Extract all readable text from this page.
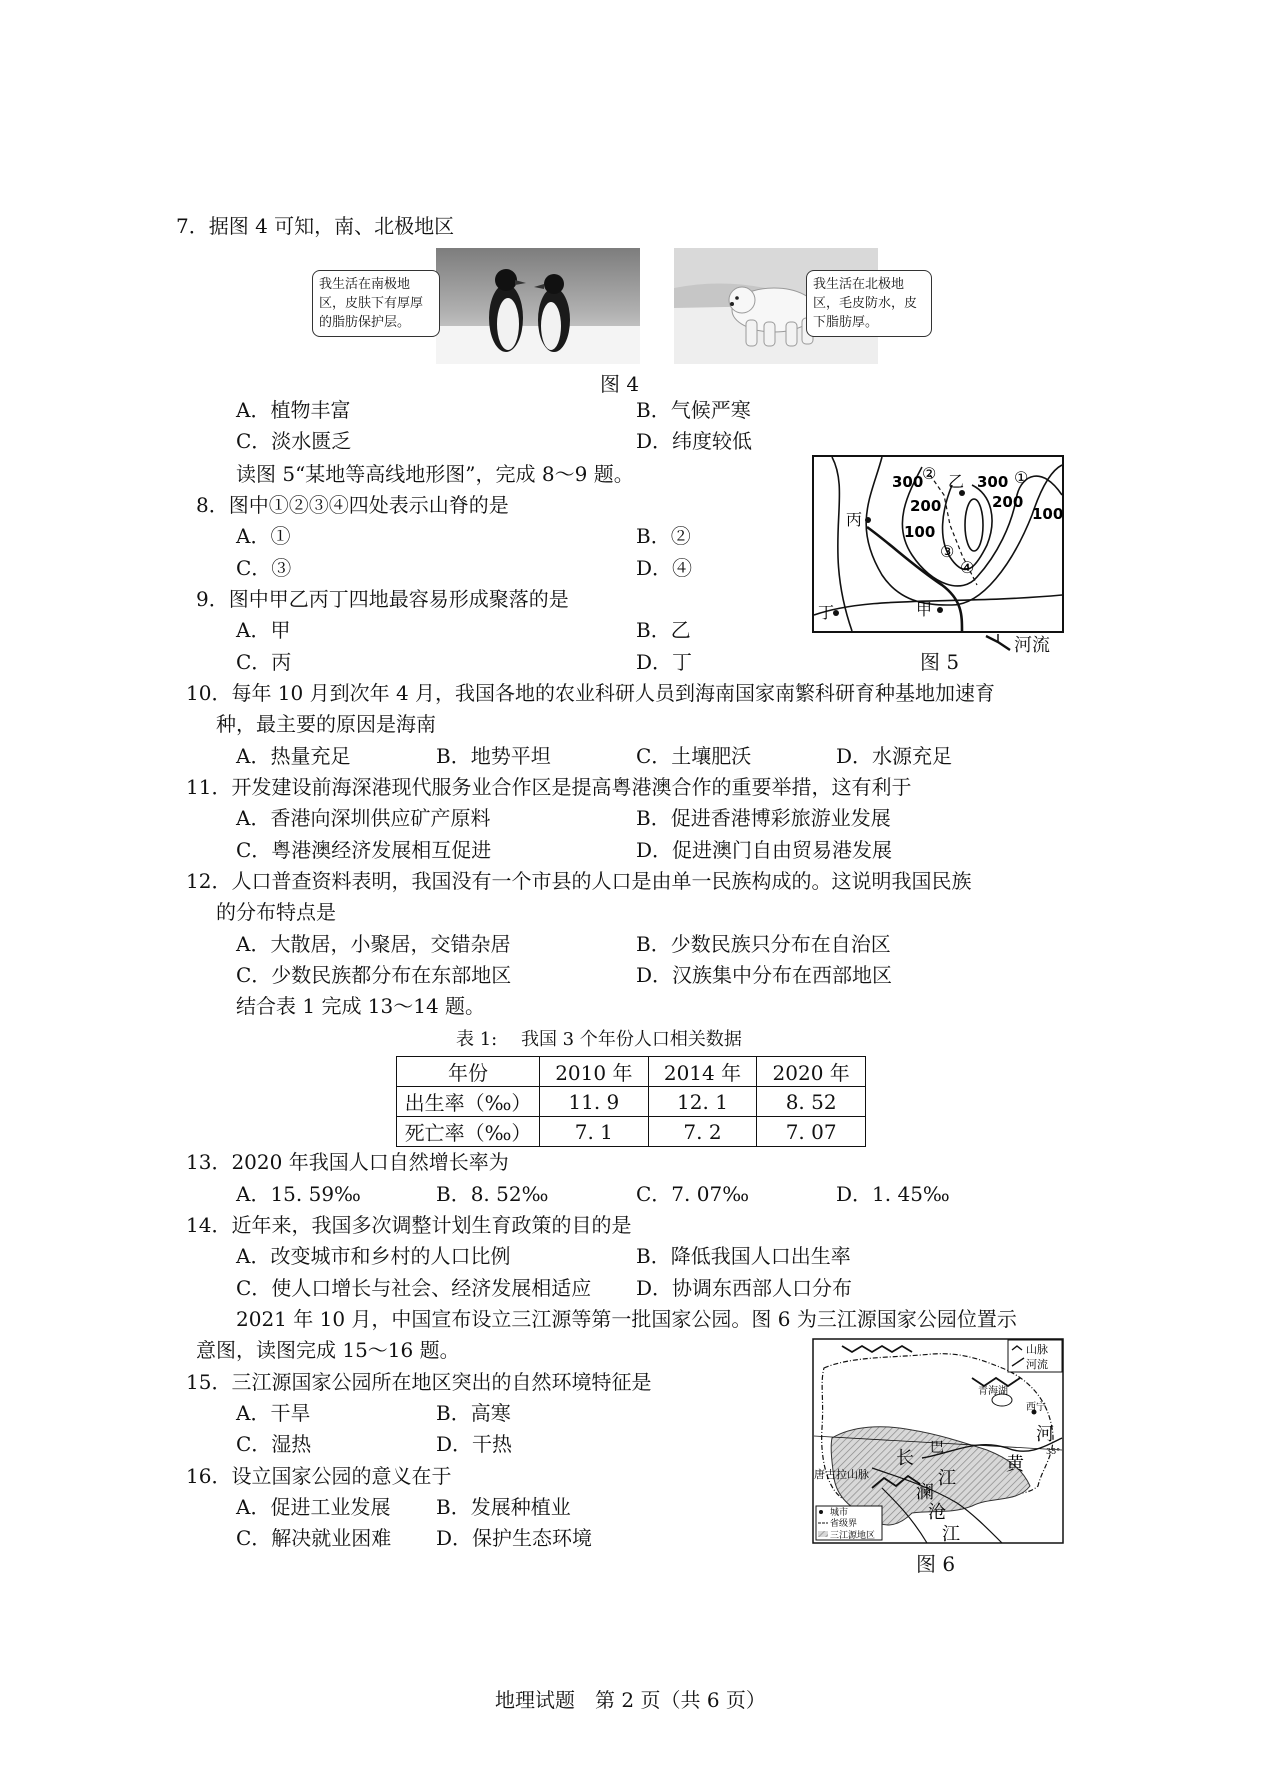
7．据图 4 可知，南、北极地区
我生活在南极地区，皮肤下有厚厚的脂肪保护层。
我生活在北极地区，毛皮防水，皮下脂肪厚。
图 4
A．植物丰富	B．气候严寒
C．淡水匮乏	D．纬度较低
读图 5“某地等高线地形图”，完成 8～9 题。
8．图中①②③④四处表示山脊的是
A．①	B．②
C．③	D．④
9．图中甲乙丙丁四地最容易形成聚落的是
A．甲	B．乙
C．丙	D．丁
300	300
200	200
100
100
①
②
③
④
乙
丙
丁	甲
河流
图 5
10．每年 10 月到次年 4 月，我国各地的农业科研人员到海南国家南繁科研育种基地加速育
种，最主要的原因是海南
A．热量充足	B．地势平坦	C．土壤肥沃	D．水源充足
11．开发建设前海深港现代服务业合作区是提高粤港澳合作的重要举措，这有利于
A．香港向深圳供应矿产原料	B．促进香港博彩旅游业发展
C．粤港澳经济发展相互促进	D．促进澳门自由贸易港发展
12．人口普查资料表明，我国没有一个市县的人口是由单一民族构成的。这说明我国民族
的分布特点是
A．大散居，小聚居，交错杂居	B．少数民族只分布在自治区
C．少数民族都分布在东部地区	D．汉族集中分布在西部地区
结合表 1 完成 13～14 题。
表 1:　 我国 3 个年份人口相关数据
年份	2010 年	2014 年	2020 年
出生率（‰）	11. 9	12. 1	8. 52
死亡率（‰）	7. 1	7. 2	7. 07
13．2020 年我国人口自然增长率为
A．15. 59‰	B．8. 52‰	C．7. 07‰	D．1. 45‰
14．近年来，我国多次调整计划生育政策的目的是
A．改变城市和乡村的人口比例	B．降低我国人口出生率
C．使人口增长与社会、经济发展相适应 D．协调东西部人口分布
2021 年 10 月，中国宣布设立三江源等第一批国家公园。图 6 为三江源国家公园位置示
意图，读图完成 15～16 题。
15．三江源国家公园所在地区突出的自然环境特征是
A．干旱	B．高寒
C．湿热	D．干热
16．设立国家公园的意义在于
A．促进工业发展 B．发展种植业
C．解决就业困难 D．保护生态环境
山脉
河流
城市
省级界
三江源地区
青海湖
西宁
河
黄
长 巴
澜
江
沧
江
唐古拉山脉
35°
图 6
地理试题　第 2 页（共 6 页）
